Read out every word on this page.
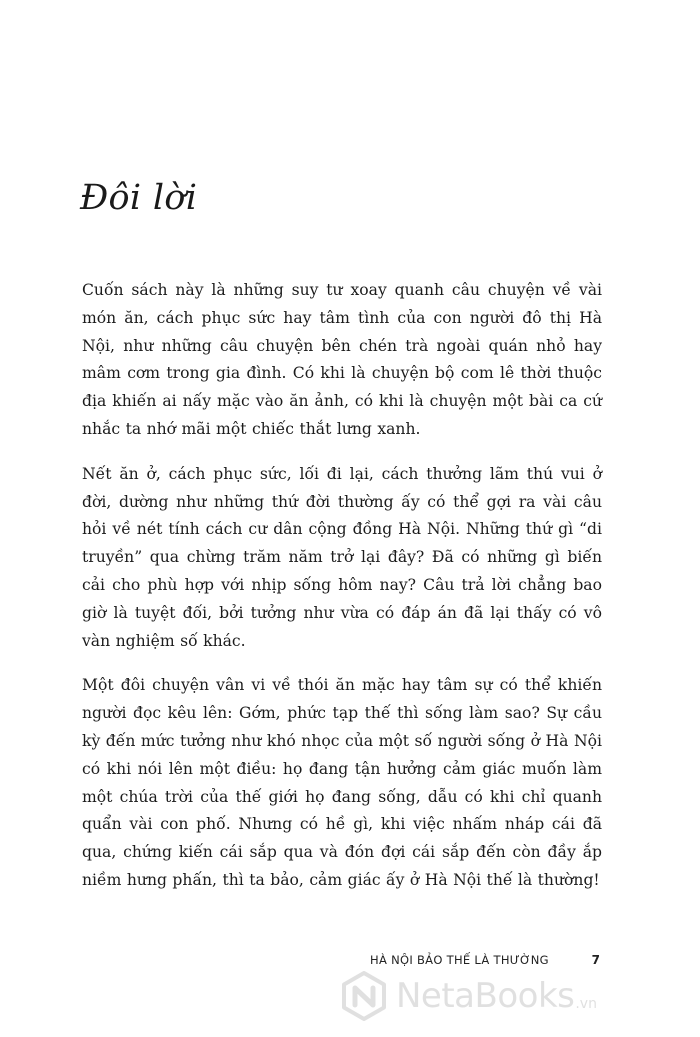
Đôi lời

Cuốn sách này là những suy tư xoay quanh câu chuyện về vài món ăn, cách phục sức hay tâm tình của con người đô thị Hà Nội, như những câu chuyện bên chén trà ngoài quán nhỏ hay mâm cơm trong gia đình. Có khi là chuyện bộ com lê thời thuộc địa khiến ai nấy mặc vào ăn ảnh, có khi là chuyện một bài ca cứ nhắc ta nhớ mãi một chiếc thắt lưng xanh.

Nết ăn ở, cách phục sức, lối đi lại, cách thưởng lãm thú vui ở đời, dường như những thứ đời thường ấy có thể gợi ra vài câu hỏi về nét tính cách cư dân cộng đồng Hà Nội. Những thứ gì “di truyền” qua chừng trăm năm trở lại đây? Đã có những gì biến cải cho phù hợp với nhịp sống hôm nay? Câu trả lời chẳng bao giờ là tuyệt đối, bởi tưởng như vừa có đáp án đã lại thấy có vô vàn nghiệm số khác.

Một đôi chuyện vân vi về thói ăn mặc hay tâm sự có thể khiến người đọc kêu lên: Gớm, phức tạp thế thì sống làm sao? Sự cầu kỳ đến mức tưởng như khó nhọc của một số người sống ở Hà Nội có khi nói lên một điều: họ đang tận hưởng cảm giác muốn làm một chúa trời của thế giới họ đang sống, dẫu có khi chỉ quanh quẩn vài con phố. Nhưng có hề gì, khi việc nhấm nháp cái đã qua, chứng kiến cái sắp qua và đón đợi cái sắp đến còn đầy ắp niềm hưng phấn, thì ta bảo, cảm giác ấy ở Hà Nội thế là thường!

HÀ NỘI BẢO THẾ LÀ THƯỜNG	7
NetaBooks .vn
